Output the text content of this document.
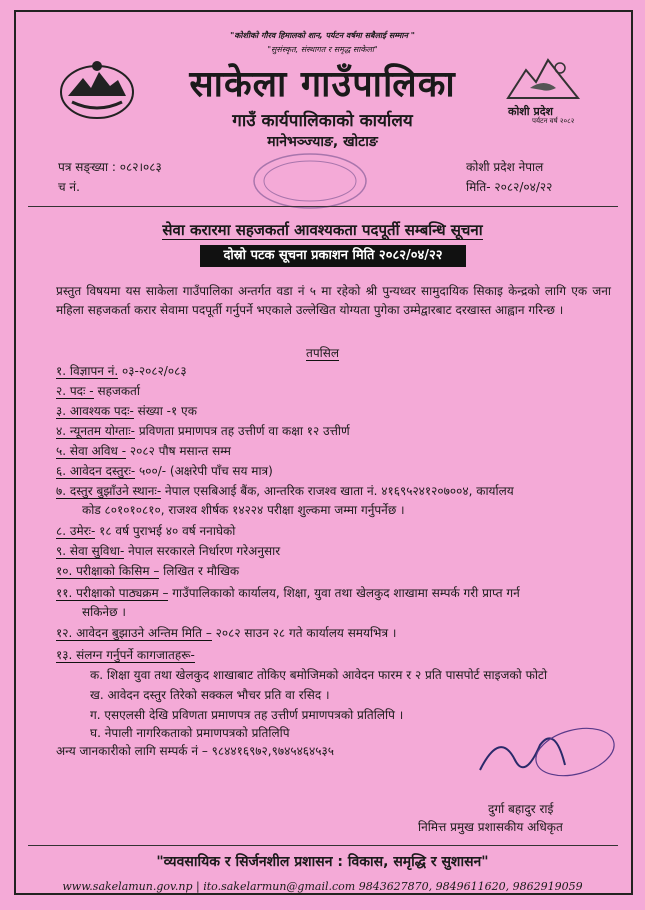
"कोशीको गौरव हिमालको शान, पर्यटन वर्षमा सबैलाई सम्मान "
"सुसंस्कृत, संस्थागत र समृद्ध साकेला"
कोशी प्रदेश
पर्यटन वर्ष २०८२
साकेला गाउँपालिका
गाउँ कार्यपालिकाको कार्यालय
मानेभञ्ज्याङ, खोटाङ
पत्र सङ्ख्या : ०८२।०८३
च नं.
कोशी प्रदेश नेपाल
मिति- २०८२/०४/२२
सेवा करारमा सहजकर्ता आवश्यकता पदपूर्ती सम्बन्धि सूचना
दोस्रो पटक सूचना प्रकाशन मिति २०८२/०४/२२
प्रस्तुत विषयमा यस साकेला गाउँपालिका अन्तर्गत वडा नं ५ मा रहेको श्री पुन्यध्वर सामुदायिक सिकाइ केन्द्रको लागि एक जना महिला सहजकर्ता करार सेवामा पदपूर्ती गर्नुपर्ने भएकाले उल्लेखित योग्यता पुगेका उम्मेद्वारबाट दरखास्त आह्वान गरिन्छ ।
तपसिल
१. विज्ञापन नं. ०३-२०८२/०८३
२. पदः - सहजकर्ता
३. आवश्यक पदः- संख्या -१ एक
४. न्यूनतम योग्ताः- प्रविणता प्रमाणपत्र तह उत्तीर्ण वा कक्षा १२ उत्तीर्ण
५. सेवा अविध - २०८२ पौष मसान्त सम्म
६. आवेदन दस्तुरः- ५००/- (अक्षरेपी पाँच सय मात्र)
७. दस्तुर बुझाँउने स्थानः- नेपाल एसबिआई बैंक, आन्तरिक राजश्व खाता नं. ४१६९५२४१२०७००४, कार्यालय
कोड ८०१०१०८१०, राजश्व शीर्षक १४२२४ परीक्षा शुल्कमा जम्मा गर्नुपर्नेछ ।
८. उमेरः- १८ वर्ष पुराभई ४० वर्ष ननाघेको
९. सेवा सुविधा- नेपाल सरकारले निर्धारण गरेअनुसार
१०. परीक्षाको किसिम – लिखित र मौखिक
११. परीक्षाको पाठ्यक्रम – गाउँपालिकाको कार्यालय, शिक्षा, युवा तथा खेलकुद शाखामा सम्पर्क गरी प्राप्त गर्न
सकिनेछ ।
१२. आवेदन बुझाउने अन्तिम मिति – २०८२ साउन २८ गते कार्यालय समयभित्र ।
१३. संलग्न गर्नुपर्ने कागजातहरू-
क. शिक्षा युवा तथा खेलकुद शाखाबाट तोकिए बमोजिमको आवेदन फारम र २ प्रति पासपोर्ट साइजको फोटो
ख. आवेदन दस्तुर तिरेको सक्कल भौचर प्रति वा रसिद ।
ग. एसएलसी देखि प्रविणता प्रमाणपत्र तह उत्तीर्ण प्रमाणपत्रको प्रतिलिपि ।
घ. नेपाली नागरिकताको प्रमाणपत्रको प्रतिलिपि
अन्य जानकारीको लागि सम्पर्क नं – ९८४४१६९७२,९७४५४६४५३५
दुर्गा बहादुर राई
निमित्त प्रमुख प्रशासकीय अधिकृत
"व्यवसायिक र सिर्जनशील प्रशासन : विकास, समृद्धि र सुशासन"
www.sakelamun.gov.np | ito.sakelarmun@gmail.com 9843627870, 9849611620, 9862919059
